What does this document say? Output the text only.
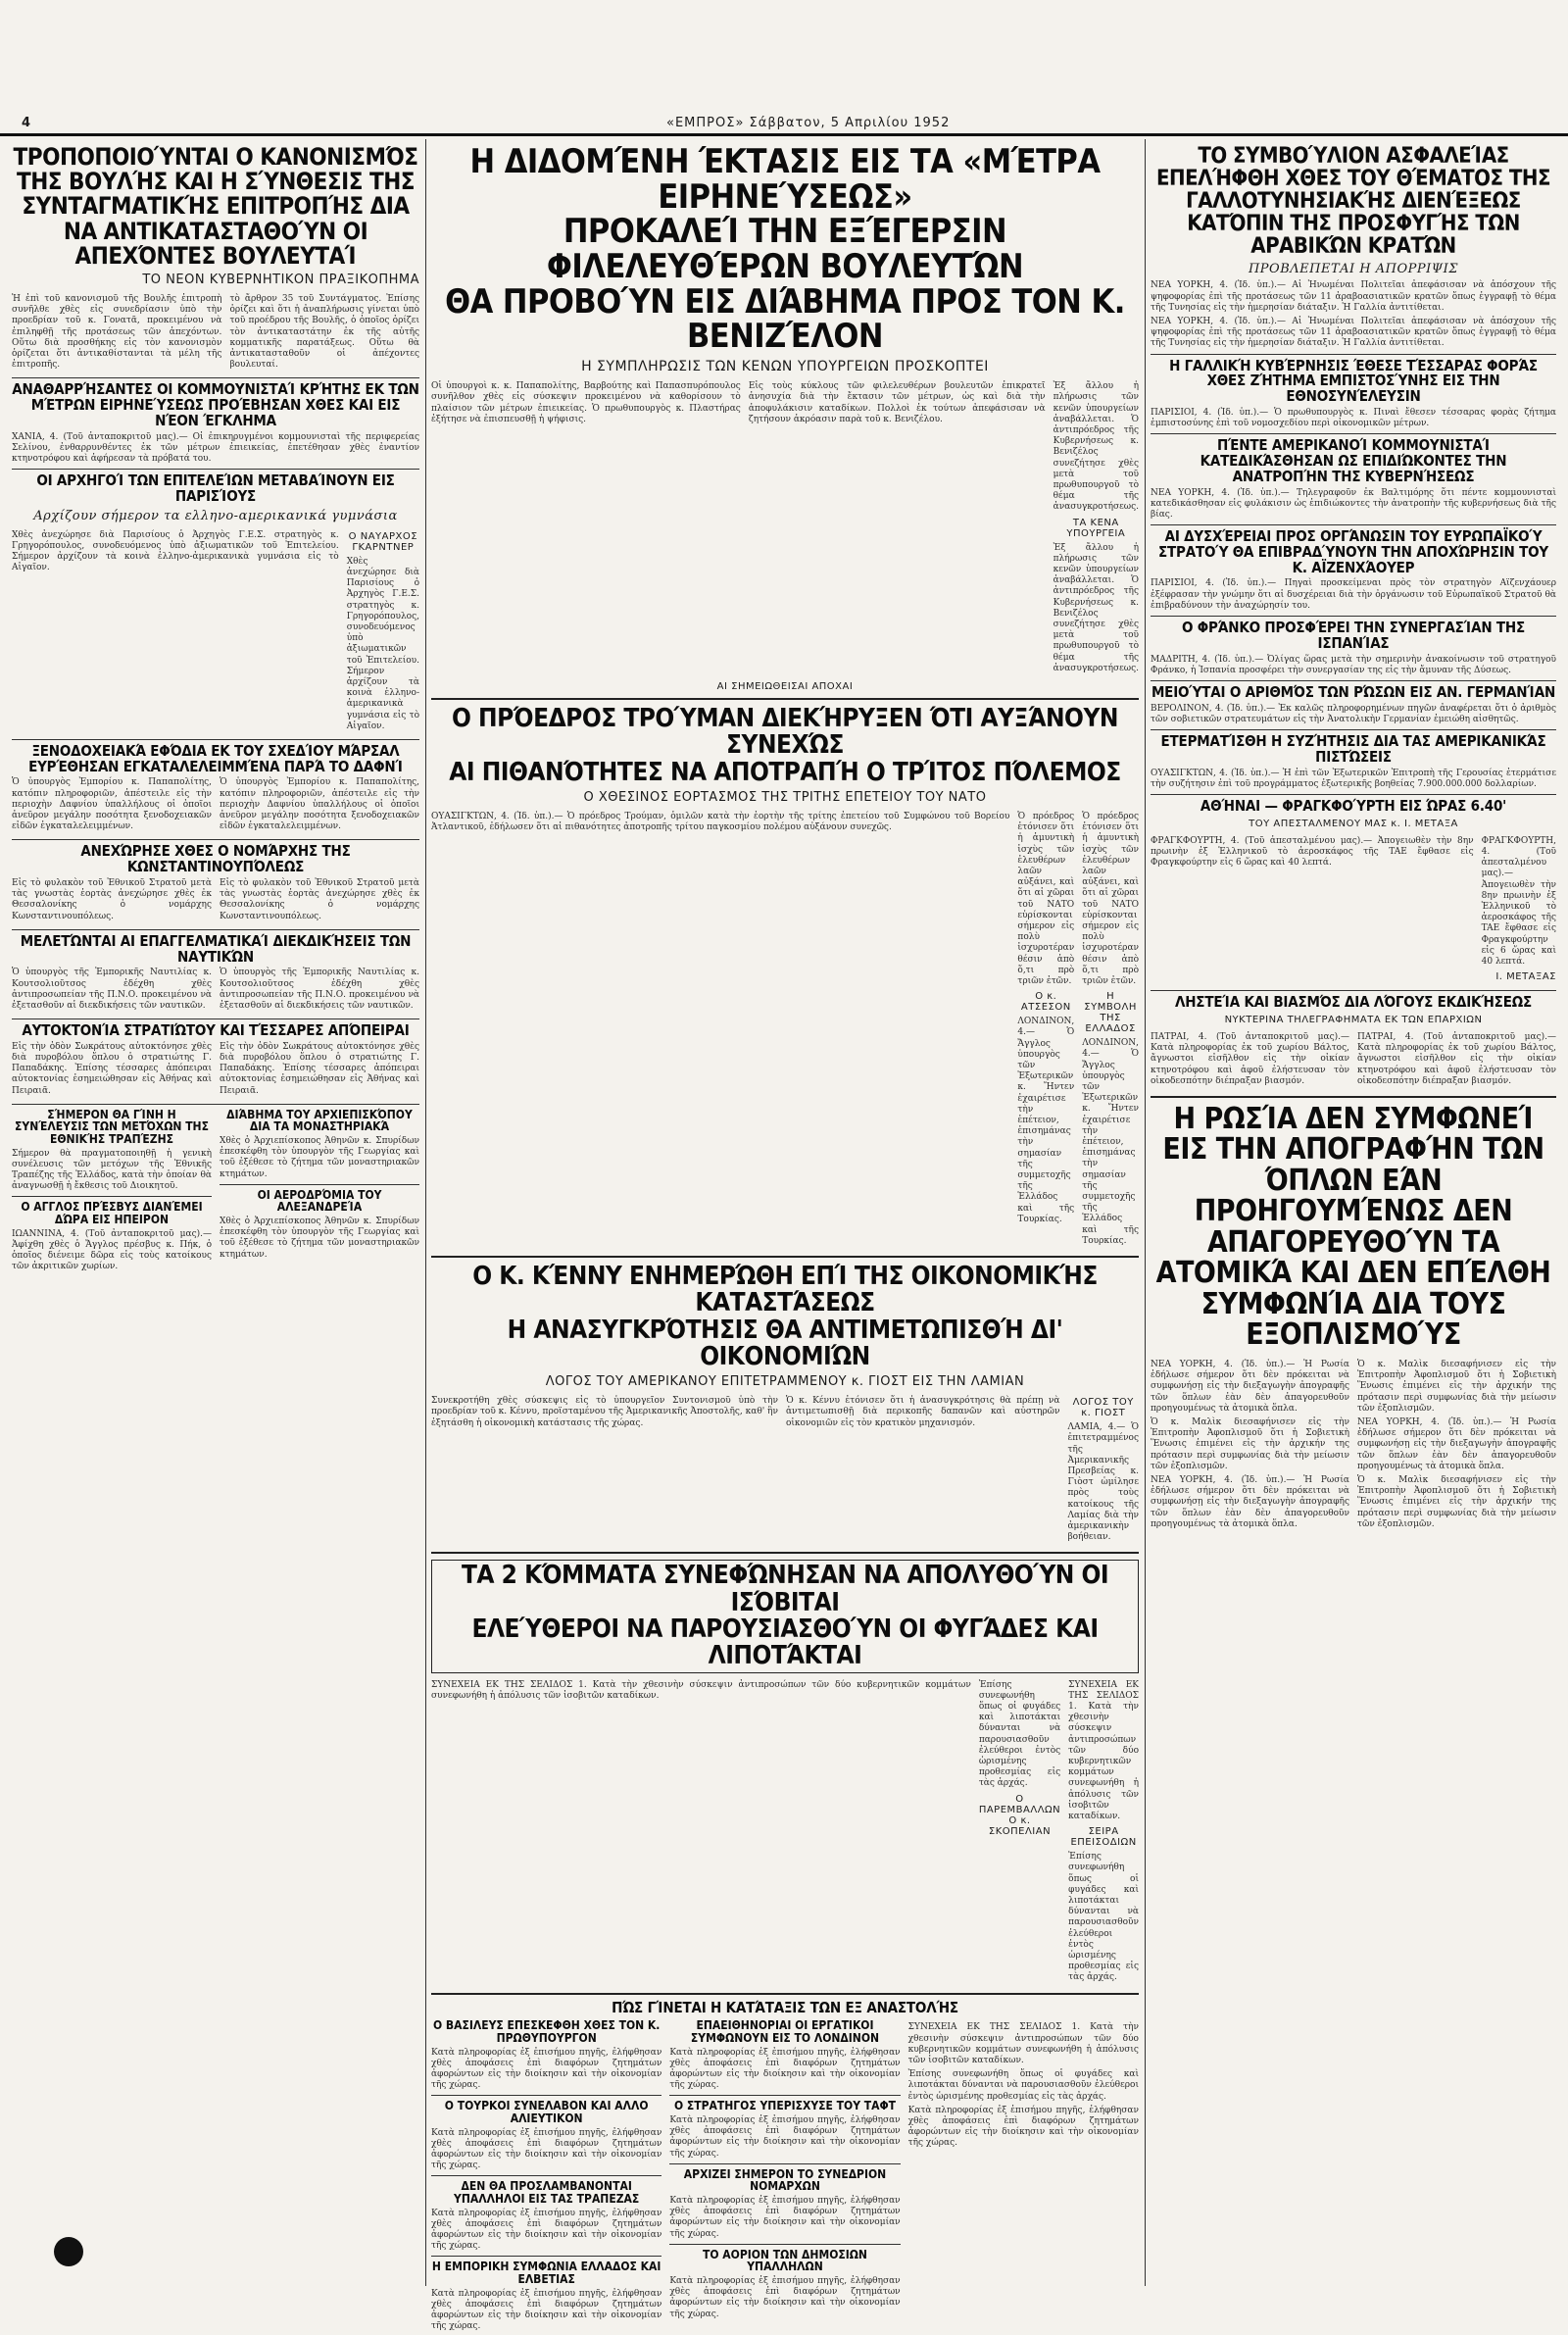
4	«ΕΜΠΡΟΣ» Σάββατον, 5 Απριλίου 1952
ΤΡΟΠΟΠΟΙΟΎΝΤΑΙ Ο ΚΑΝΟΝΙΣΜΌΣ ΤΗΣ ΒΟΥΛΉΣ ΚΑΙ Η ΣΎΝΘΕΣΙΣ ΤΗΣ ΣΥΝΤΑΓΜΑΤΙΚΉΣ ΕΠΙΤΡΟΠΉΣ ΔΙΑ ΝΑ ΑΝΤΙΚΑΤΑΣΤΑΘΟΎΝ ΟΙ ΑΠΕΧΌΝΤΕΣ ΒΟΥΛΕΥΤΑΊ
ΤΟ ΝΕΟΝ ΚΥΒΕΡΝΗΤΙΚΟΝ ΠΡΑΞΙΚΟΠΗΜΑ

Ἡ ἐπὶ τοῦ κανονισμοῦ τῆς Βουλῆς ἐπιτροπὴ συνῆλθε χθὲς εἰς συνεδρίασιν ὑπὸ τὴν προεδρίαν τοῦ κ. Γονατᾶ, προκειμένου νὰ ἐπιληφθῇ τῆς προτάσεως τῶν ἀπεχόντων. Οὕτω διὰ προσθήκης εἰς τὸν κανονισμὸν ὁρίζεται ὅτι ἀντικαθίστανται τὰ μέλη τῆς ἐπιτροπῆς.

τὸ ἄρθρον 35 τοῦ Συντάγματος. Ἐπίσης ὁρίζει καὶ ὅτι ἡ ἀναπλήρωσις γίνεται ὑπὸ τοῦ προέδρου τῆς Βουλῆς, ὁ ὁποῖος ὁρίζει τὸν ἀντικαταστάτην ἐκ τῆς αὐτῆς κομματικῆς παρατάξεως. Οὕτω θὰ ἀντικατασταθοῦν οἱ ἀπέχοντες βουλευταί.

ΑΝΑΘΑΡΡΉΣΑΝΤΕΣ ΟΙ ΚΟΜΜΟΥΝΙΣΤΑΊ ΚΡΉΤΗΣ ΕΚ ΤΩΝ ΜΈΤΡΩΝ ΕΙΡΗΝΕΎΣΕΩΣ ΠΡΟΈΒΗΣΑΝ ΧΘΕΣ ΚΑΙ ΕΙΣ ΝΈΟΝ ΈΓΚΛΗΜΑ

ΧΑΝΙΑ, 4. (Τοῦ ἀνταποκριτοῦ μας).— Οἱ ἐπικηρυγμένοι κομμουνισταὶ τῆς περιφερείας Σελίνου, ἐνθαρρυνθέντες ἐκ τῶν μέτρων ἐπιεικείας, ἐπετέθησαν χθὲς ἐναντίον κτηνοτρόφου καὶ ἀφήρεσαν τὰ πρόβατά του.

ΟΙ ΑΡΧΗΓΟΊ ΤΩΝ ΕΠΙΤΕΛΕΊΩΝ ΜΕΤΑΒΑΊΝΟΥΝ ΕΙΣ ΠΑΡΙΣΊΟΥΣ
Αρχίζουν σήμερον τα ελληνο-αμερικανικά γυμνάσια

Χθὲς ἀνεχώρησε διὰ Παρισίους ὁ Ἀρχηγὸς Γ.Ε.Σ. στρατηγὸς κ. Γρηγορόπουλος, συνοδευόμενος ὑπὸ ἀξιωματικῶν τοῦ Ἐπιτελείου. Σήμερον ἀρχίζουν τὰ κοινὰ ἑλληνο-ἀμερικανικὰ γυμνάσια εἰς τὸ Αἰγαῖον.

Ο ΝΑΥΑΡΧΟΣ ΓΚΑΡΝΤΝΕΡ

Χθὲς ἀνεχώρησε διὰ Παρισίους ὁ Ἀρχηγὸς Γ.Ε.Σ. στρατηγὸς κ. Γρηγορόπουλος, συνοδευόμενος ὑπὸ ἀξιωματικῶν τοῦ Ἐπιτελείου. Σήμερον ἀρχίζουν τὰ κοινὰ ἑλληνο-ἀμερικανικὰ γυμνάσια εἰς τὸ Αἰγαῖον.

ΞΕΝΟΔΟΧΕΙΑΚΆ ΕΦΌΔΙΑ ΕΚ ΤΟΥ ΣΧΕΔΊΟΥ ΜΆΡΣΑΛ ΕΥΡΈΘΗΣΑΝ ΕΓΚΑΤΑΛΕΛΕΙΜΜΈΝΑ ΠΑΡΆ ΤΟ ΔΑΦΝΊ

Ὁ ὑπουργὸς Ἐμπορίου κ. Παπαπολίτης, κατόπιν πληροφοριῶν, ἀπέστειλε εἰς τὴν περιοχὴν Δαφνίου ὑπαλλήλους οἱ ὁποῖοι ἀνεῦρον μεγάλην ποσότητα ξενοδοχειακῶν εἰδῶν ἐγκαταλελειμμένων.

Ὁ ὑπουργὸς Ἐμπορίου κ. Παπαπολίτης, κατόπιν πληροφοριῶν, ἀπέστειλε εἰς τὴν περιοχὴν Δαφνίου ὑπαλλήλους οἱ ὁποῖοι ἀνεῦρον μεγάλην ποσότητα ξενοδοχειακῶν εἰδῶν ἐγκαταλελειμμένων.

ΑΝΕΧΏΡΗΣΕ ΧΘΕΣ Ο ΝΟΜΆΡΧΗΣ ΤΗΣ ΚΩΝΣΤΑΝΤΙΝΟΥΠΌΛΕΩΣ

Εἰς τὸ φυλακὸν τοῦ Ἐθνικοῦ Στρατοῦ μετὰ τὰς γνωστὰς ἑορτὰς ἀνεχώρησε χθὲς ἐκ Θεσσαλονίκης ὁ νομάρχης Κωνσταντινουπόλεως.

Εἰς τὸ φυλακὸν τοῦ Ἐθνικοῦ Στρατοῦ μετὰ τὰς γνωστὰς ἑορτὰς ἀνεχώρησε χθὲς ἐκ Θεσσαλονίκης ὁ νομάρχης Κωνσταντινουπόλεως.

ΜΕΛΕΤΏΝΤΑΙ ΑΙ ΕΠΑΓΓΕΛΜΑΤΙΚΑΊ ΔΙΕΚΔΙΚΉΣΕΙΣ ΤΩΝ ΝΑΥΤΙΚΏΝ

Ὁ ὑπουργὸς τῆς Ἐμπορικῆς Ναυτιλίας κ. Κουτσολιοῦτσος ἐδέχθη χθὲς ἀντιπροσωπείαν τῆς Π.Ν.Ο. προκειμένου νὰ ἐξετασθοῦν αἱ διεκδικήσεις τῶν ναυτικῶν.

Ὁ ὑπουργὸς τῆς Ἐμπορικῆς Ναυτιλίας κ. Κουτσολιοῦτσος ἐδέχθη χθὲς ἀντιπροσωπείαν τῆς Π.Ν.Ο. προκειμένου νὰ ἐξετασθοῦν αἱ διεκδικήσεις τῶν ναυτικῶν.

ΑΥΤΟΚΤΟΝΊΑ ΣΤΡΑΤΙΏΤΟΥ ΚΑΙ ΤΈΣΣΑΡΕΣ ΑΠΌΠΕΙΡΑΙ

Εἰς τὴν ὁδὸν Σωκράτους αὐτοκτόνησε χθὲς διὰ πυροβόλου ὅπλου ὁ στρατιώτης Γ. Παπαδάκης. Ἐπίσης τέσσαρες ἀπόπειραι αὐτοκτονίας ἐσημειώθησαν εἰς Ἀθήνας καὶ Πειραιᾶ.

Εἰς τὴν ὁδὸν Σωκράτους αὐτοκτόνησε χθὲς διὰ πυροβόλου ὅπλου ὁ στρατιώτης Γ. Παπαδάκης. Ἐπίσης τέσσαρες ἀπόπειραι αὐτοκτονίας ἐσημειώθησαν εἰς Ἀθήνας καὶ Πειραιᾶ.

ΣΉΜΕΡΟΝ ΘΑ ΓΊΝΗ Η ΣΥΝΈΛΕΥΣΙΣ ΤΩΝ ΜΕΤΌΧΩΝ ΤΗΣ ΕΘΝΙΚΉΣ ΤΡΑΠΈΖΗΣ

Σήμερον θὰ πραγματοποιηθῇ ἡ γενικὴ συνέλευσις τῶν μετόχων τῆς Ἐθνικῆς Τραπέζης τῆς Ἑλλάδος, κατὰ τὴν ὁποίαν θὰ ἀναγνωσθῇ ἡ ἔκθεσις τοῦ Διοικητοῦ.

Ο ΑΓΓΛΟΣ ΠΡΈΣΒΥΣ ΔΙΑΝΈΜΕΙ ΔΏΡΑ ΕΙΣ ΗΠΕΙΡΟΝ

ΙΩΑΝΝΙΝΑ, 4. (Τοῦ ἀνταποκριτοῦ μας).— Ἀφίχθη χθὲς ὁ Ἄγγλος πρέσβυς κ. Πήκ, ὁ ὁποῖος διένειμε δῶρα εἰς τοὺς κατοίκους τῶν ἀκριτικῶν χωρίων.

ΔΙΆΒΗΜΑ ΤΟΥ ΑΡΧΙΕΠΙΣΚΌΠΟΥ ΔΙΑ ΤΑ ΜΟΝΑΣΤΗΡΙΑΚΆ

Χθὲς ὁ Ἀρχιεπίσκοπος Ἀθηνῶν κ. Σπυρίδων ἐπεσκέφθη τὸν ὑπουργὸν τῆς Γεωργίας καὶ τοῦ ἐξέθεσε τὸ ζήτημα τῶν μοναστηριακῶν κτημάτων.

ΟΙ ΑΕΡΟΔΡΌΜΙΑ ΤΟΥ ΑΛΕΞΑΝΔΡΕΊΑ

Χθὲς ὁ Ἀρχιεπίσκοπος Ἀθηνῶν κ. Σπυρίδων ἐπεσκέφθη τὸν ὑπουργὸν τῆς Γεωργίας καὶ τοῦ ἐξέθεσε τὸ ζήτημα τῶν μοναστηριακῶν κτημάτων.

Η ΔΙΔΟΜΈΝΗ ΈΚΤΑΣΙΣ ΕΙΣ ΤΑ «ΜΈΤΡΑ ΕΙΡΗΝΕΎΣΕΩΣ»
ΠΡΟΚΑΛΕΊ ΤΗΝ ΕΞΈΓΕΡΣΙΝ ΦΙΛΕΛΕΥΘΈΡΩΝ ΒΟΥΛΕΥΤΏΝ
ΘΑ ΠΡΟΒΟΎΝ ΕΙΣ ΔΙΆΒΗΜΑ ΠΡΟΣ ΤΟΝ Κ. ΒΕΝΙΖΈΛΟΝ
Η ΣΥΜΠΛΗΡΩΣΙΣ ΤΩΝ ΚΕΝΩΝ ΥΠΟΥΡΓΕΙΩΝ ΠΡΟΣΚΟΠΤΕΙ

Οἱ ὑπουργοὶ κ. κ. Παπαπολίτης, Βαρβούτης καὶ Παπασπυρόπουλος συνῆλθον χθὲς εἰς σύσκεψιν προκειμένου νὰ καθορίσουν τὸ πλαίσιον τῶν μέτρων ἐπιεικείας. Ὁ πρωθυπουργὸς κ. Πλαστήρας ἐξήτησε νὰ ἐπισπευσθῇ ἡ ψήφισις.

Εἰς τοὺς κύκλους τῶν φιλελευθέρων βουλευτῶν ἐπικρατεῖ ἀνησυχία διὰ τὴν ἔκτασιν τῶν μέτρων, ὡς καὶ διὰ τὴν ἀποφυλάκισιν καταδίκων. Πολλοὶ ἐκ τούτων ἀπεφάσισαν νὰ ζητήσουν ἀκρόασιν παρὰ τοῦ κ. Βενιζέλου.

Ἐξ ἄλλου ἡ πλήρωσις τῶν κενῶν ὑπουργείων ἀναβάλλεται. Ὁ ἀντιπρόεδρος τῆς Κυβερνήσεως κ. Βενιζέλος συνεζήτησε χθὲς μετὰ τοῦ πρωθυπουργοῦ τὸ θέμα τῆς ἀνασυγκροτήσεως.

ΤΑ ΚΕΝΑ ΥΠΟΥΡΓΕΙΑ

Ἐξ ἄλλου ἡ πλήρωσις τῶν κενῶν ὑπουργείων ἀναβάλλεται. Ὁ ἀντιπρόεδρος τῆς Κυβερνήσεως κ. Βενιζέλος συνεζήτησε χθὲς μετὰ τοῦ πρωθυπουργοῦ τὸ θέμα τῆς ἀνασυγκροτήσεως.

ΑΙ ΣΗΜΕΙΩΘΕΙΣΑΙ ΑΠΟΧΑΙ
Ο ΠΡΌΕΔΡΟΣ ΤΡΟΎΜΑΝ ΔΙΕΚΉΡΥΞΕΝ ΌΤΙ ΑΥΞΆΝΟΥΝ ΣΥΝΕΧΏΣ
ΑΙ ΠΙΘΑΝΌΤΗΤΕΣ ΝΑ ΑΠΟΤΡΑΠΉ Ο ΤΡΊΤΟΣ ΠΌΛΕΜΟΣ
Ο ΧΘΕΣΙΝΟΣ ΕΟΡΤΑΣΜΟΣ ΤΗΣ ΤΡΙΤΗΣ ΕΠΕΤΕΙΟΥ ΤΟΥ ΝΑΤΟ

ΟΥΑΣΙΓΚΤΩΝ, 4. (Ἰδ. ὑπ.).— Ὁ πρόεδρος Τρούμαν, ὁμιλῶν κατὰ τὴν ἑορτὴν τῆς τρίτης ἐπετείου τοῦ Συμφώνου τοῦ Βορείου Ἀτλαντικοῦ, ἐδήλωσεν ὅτι αἱ πιθανότητες ἀποτροπῆς τρίτου παγκοσμίου πολέμου αὐξάνουν συνεχῶς.

Ὁ πρόεδρος ἐτόνισεν ὅτι ἡ ἀμυντικὴ ἰσχὺς τῶν ἐλευθέρων λαῶν αὐξάνει, καὶ ὅτι αἱ χῶραι τοῦ ΝΑΤΟ εὑρίσκονται σήμερον εἰς πολὺ ἰσχυροτέραν θέσιν ἀπὸ ὅ,τι πρὸ τριῶν ἐτῶν.

Ο κ. ΑΤΣΕΣΟΝ

ΛΟΝΔΙΝΟΝ, 4.— Ὁ Ἄγγλος ὑπουργὸς τῶν Ἐξωτερικῶν κ. Ἤντεν ἐχαιρέτισε τὴν ἐπέτειον, ἐπισημάνας τὴν σημασίαν τῆς συμμετοχῆς τῆς Ἑλλάδος καὶ τῆς Τουρκίας.

Ὁ πρόεδρος ἐτόνισεν ὅτι ἡ ἀμυντικὴ ἰσχὺς τῶν ἐλευθέρων λαῶν αὐξάνει, καὶ ὅτι αἱ χῶραι τοῦ ΝΑΤΟ εὑρίσκονται σήμερον εἰς πολὺ ἰσχυροτέραν θέσιν ἀπὸ ὅ,τι πρὸ τριῶν ἐτῶν.

Η ΣΥΜΒΟΛΗ ΤΗΣ ΕΛΛΑΔΟΣ

ΛΟΝΔΙΝΟΝ, 4.— Ὁ Ἄγγλος ὑπουργὸς τῶν Ἐξωτερικῶν κ. Ἤντεν ἐχαιρέτισε τὴν ἐπέτειον, ἐπισημάνας τὴν σημασίαν τῆς συμμετοχῆς τῆς Ἑλλάδος καὶ τῆς Τουρκίας.

Ο Κ. ΚΈΝΝΥ ΕΝΗΜΕΡΏΘΗ ΕΠΊ ΤΗΣ ΟΙΚΟΝΟΜΙΚΉΣ ΚΑΤΑΣΤΆΣΕΩΣ
Η ΑΝΑΣΥΓΚΡΌΤΗΣΙΣ ΘΑ ΑΝΤΙΜΕΤΩΠΙΣΘΉ ΔΙ' ΟΙΚΟΝΟΜΙΏΝ
ΛΟΓΟΣ ΤΟΥ ΑΜΕΡΙΚΑΝΟΥ ΕΠΙΤΕΤΡΑΜΜΕΝΟΥ κ. ΓΙΟΣΤ ΕΙΣ ΤΗΝ ΛΑΜΙΑΝ

Συνεκροτήθη χθὲς σύσκεψις εἰς τὸ ὑπουργεῖον Συντονισμοῦ ὑπὸ τὴν προεδρίαν τοῦ κ. Κέννυ, προϊσταμένου τῆς Ἀμερικανικῆς Ἀποστολῆς, καθ' ἣν ἐξητάσθη ἡ οἰκονομικὴ κατάστασις τῆς χώρας.

Ὁ κ. Κέννυ ἐτόνισεν ὅτι ἡ ἀνασυγκρότησις θὰ πρέπῃ νὰ ἀντιμετωπισθῇ διὰ περικοπῆς δαπανῶν καὶ αὐστηρῶν οἰκονομιῶν εἰς τὸν κρατικὸν μηχανισμόν.

ΛΟΓΟΣ ΤΟΥ κ. ΓΙΟΣΤ

ΛΑΜΙΑ, 4.— Ὁ ἐπιτετραμμένος τῆς Ἀμερικανικῆς Πρεσβείας κ. Γιὸστ ὡμίλησε πρὸς τοὺς κατοίκους τῆς Λαμίας διὰ τὴν ἀμερικανικὴν βοήθειαν.

ΤΑ 2 ΚΌΜΜΑΤΑ ΣΥΝΕΦΏΝΗΣΑΝ ΝΑ ΑΠΟΛΥΘΟΎΝ ΟΙ ΙΣΌΒΙΤΑΙ
ΕΛΕΎΘΕΡΟΙ ΝΑ ΠΑΡΟΥΣΙΑΣΘΟΎΝ ΟΙ ΦΥΓΆΔΕΣ ΚΑΙ ΛΙΠΟΤΆΚΤΑΙ

ΣΥΝΕΧΕΙΑ ΕΚ ΤΗΣ ΣΕΛΙΔΟΣ 1. Κατὰ τὴν χθεσινὴν σύσκεψιν ἀντιπροσώπων τῶν δύο κυβερνητικῶν κομμάτων συνεφωνήθη ἡ ἀπόλυσις τῶν ἰσοβιτῶν καταδίκων.

Ἐπίσης συνεφωνήθη ὅπως οἱ φυγάδες καὶ λιποτάκται δύνανται νὰ παρουσιασθοῦν ἐλεύθεροι ἐντὸς ὡρισμένης προθεσμίας εἰς τὰς ἀρχάς.

Ο ΠΑΡΕΜΒΑΛΛΩΝ Ο κ. ΣΚΟΠΕΛΙΑΝ

ΣΥΝΕΧΕΙΑ ΕΚ ΤΗΣ ΣΕΛΙΔΟΣ 1. Κατὰ τὴν χθεσινὴν σύσκεψιν ἀντιπροσώπων τῶν δύο κυβερνητικῶν κομμάτων συνεφωνήθη ἡ ἀπόλυσις τῶν ἰσοβιτῶν καταδίκων.

ΣΕΙΡΑ ΕΠΕΙΣΟΔΙΩΝ

Ἐπίσης συνεφωνήθη ὅπως οἱ φυγάδες καὶ λιποτάκται δύνανται νὰ παρουσιασθοῦν ἐλεύθεροι ἐντὸς ὡρισμένης προθεσμίας εἰς τὰς ἀρχάς.

ΠΏΣ ΓΊΝΕΤΑΙ Η ΚΑΤΆΤΑΞΙΣ ΤΩΝ ΕΞ ΑΝΑΣΤΟΛΉΣ
Ο ΒΑΣΙΛΕΥΣ ΕΠΕΣΚΕΦΘΗ ΧΘΕΣ ΤΟΝ Κ. ΠΡΩΘΥΠΟΥΡΓΟΝ

Κατὰ πληροφορίας ἐξ ἐπισήμου πηγῆς, ἐλήφθησαν χθὲς ἀποφάσεις ἐπὶ διαφόρων ζητημάτων ἀφορώντων εἰς τὴν διοίκησιν καὶ τὴν οἰκονομίαν τῆς χώρας.

Ο ΤΟΥΡΚΟΙ ΣΥΝΕΛΑΒΟΝ ΚΑΙ ΑΛΛΟ ΑΛΙΕΥΤΙΚΟΝ

Κατὰ πληροφορίας ἐξ ἐπισήμου πηγῆς, ἐλήφθησαν χθὲς ἀποφάσεις ἐπὶ διαφόρων ζητημάτων ἀφορώντων εἰς τὴν διοίκησιν καὶ τὴν οἰκονομίαν τῆς χώρας.

ΔΕΝ ΘΑ ΠΡΟΣΛΑΜΒΑΝΟΝΤΑΙ ΥΠΑΛΛΗΛΟΙ ΕΙΣ ΤΑΣ ΤΡΑΠΕΖΑΣ

Κατὰ πληροφορίας ἐξ ἐπισήμου πηγῆς, ἐλήφθησαν χθὲς ἀποφάσεις ἐπὶ διαφόρων ζητημάτων ἀφορώντων εἰς τὴν διοίκησιν καὶ τὴν οἰκονομίαν τῆς χώρας.

Η ΕΜΠΟΡΙΚΗ ΣΥΜΦΩΝΙΑ ΕΛΛΑΔΟΣ ΚΑΙ ΕΛΒΕΤΙΑΣ

Κατὰ πληροφορίας ἐξ ἐπισήμου πηγῆς, ἐλήφθησαν χθὲς ἀποφάσεις ἐπὶ διαφόρων ζητημάτων ἀφορώντων εἰς τὴν διοίκησιν καὶ τὴν οἰκονομίαν τῆς χώρας.

ΕΠΑΕΙΘΗΝΟΡΙΑΙ ΟΙ ΕΡΓΑΤΙΚΟΙ ΣΥΜΦΩΝΟΥΝ ΕΙΣ ΤΟ ΛΟΝΔΙΝΟΝ

Κατὰ πληροφορίας ἐξ ἐπισήμου πηγῆς, ἐλήφθησαν χθὲς ἀποφάσεις ἐπὶ διαφόρων ζητημάτων ἀφορώντων εἰς τὴν διοίκησιν καὶ τὴν οἰκονομίαν τῆς χώρας.

Ο ΣΤΡΑΤΗΓΟΣ ΥΠΕΡΙΣΧΥΣΕ ΤΟΥ ΤΑΦΤ

Κατὰ πληροφορίας ἐξ ἐπισήμου πηγῆς, ἐλήφθησαν χθὲς ἀποφάσεις ἐπὶ διαφόρων ζητημάτων ἀφορώντων εἰς τὴν διοίκησιν καὶ τὴν οἰκονομίαν τῆς χώρας.

ΑΡΧΙΖΕΙ ΣΗΜΕΡΟΝ ΤΟ ΣΥΝΕΔΡΙΟΝ ΝΟΜΑΡΧΩΝ

Κατὰ πληροφορίας ἐξ ἐπισήμου πηγῆς, ἐλήφθησαν χθὲς ἀποφάσεις ἐπὶ διαφόρων ζητημάτων ἀφορώντων εἰς τὴν διοίκησιν καὶ τὴν οἰκονομίαν τῆς χώρας.

ΤΟ ΑΟΡΙΟΝ ΤΩΝ ΔΗΜΟΣΙΩΝ ΥΠΑΛΛΗΛΩΝ

Κατὰ πληροφορίας ἐξ ἐπισήμου πηγῆς, ἐλήφθησαν χθὲς ἀποφάσεις ἐπὶ διαφόρων ζητημάτων ἀφορώντων εἰς τὴν διοίκησιν καὶ τὴν οἰκονομίαν τῆς χώρας.

ΣΥΝΕΧΕΙΑ ΕΚ ΤΗΣ ΣΕΛΙΔΟΣ 1. Κατὰ τὴν χθεσινὴν σύσκεψιν ἀντιπροσώπων τῶν δύο κυβερνητικῶν κομμάτων συνεφωνήθη ἡ ἀπόλυσις τῶν ἰσοβιτῶν καταδίκων.

Ἐπίσης συνεφωνήθη ὅπως οἱ φυγάδες καὶ λιποτάκται δύνανται νὰ παρουσιασθοῦν ἐλεύθεροι ἐντὸς ὡρισμένης προθεσμίας εἰς τὰς ἀρχάς.

Κατὰ πληροφορίας ἐξ ἐπισήμου πηγῆς, ἐλήφθησαν χθὲς ἀποφάσεις ἐπὶ διαφόρων ζητημάτων ἀφορώντων εἰς τὴν διοίκησιν καὶ τὴν οἰκονομίαν τῆς χώρας.

ΤΟ ΣΥΜΒΟΎΛΙΟΝ ΑΣΦΑΛΕΊΑΣ ΕΠΕΛΉΦΘΗ ΧΘΕΣ ΤΟΥ ΘΈΜΑΤΟΣ ΤΗΣ ΓΑΛΛΟΤΥΝΗΣΙΑΚΉΣ ΔΙΕΝΈΞΕΩΣ ΚΑΤΌΠΙΝ ΤΗΣ ΠΡΟΣΦΥΓΉΣ ΤΩΝ ΑΡΑΒΙΚΏΝ ΚΡΑΤΏΝ
ΠΡΟΒΛΕΠΕΤΑΙ Η ΑΠΟΡΡΙΨΙΣ

ΝΕΑ ΥΟΡΚΗ, 4. (Ἰδ. ὑπ.).— Αἱ Ἡνωμέναι Πολιτεῖαι ἀπεφάσισαν νὰ ἀπόσχουν τῆς ψηφοφορίας ἐπὶ τῆς προτάσεως τῶν 11 ἀραβοασιατικῶν κρατῶν ὅπως ἐγγραφῇ τὸ θέμα τῆς Τυνησίας εἰς τὴν ἡμερησίαν διάταξιν. Ἡ Γαλλία ἀντιτίθεται.

ΝΕΑ ΥΟΡΚΗ, 4. (Ἰδ. ὑπ.).— Αἱ Ἡνωμέναι Πολιτεῖαι ἀπεφάσισαν νὰ ἀπόσχουν τῆς ψηφοφορίας ἐπὶ τῆς προτάσεως τῶν 11 ἀραβοασιατικῶν κρατῶν ὅπως ἐγγραφῇ τὸ θέμα τῆς Τυνησίας εἰς τὴν ἡμερησίαν διάταξιν. Ἡ Γαλλία ἀντιτίθεται.

Η ΓΑΛΛΙΚΉ ΚΥΒΈΡΝΗΣΙΣ ΈΘΕΣΕ ΤΈΣΣΑΡΑΣ ΦΟΡΆΣ ΧΘΕΣ ΖΉΤΗΜΑ ΕΜΠΙΣΤΟΣΎΝΗΣ ΕΙΣ ΤΗΝ ΕΘΝΟΣΥΝΈΛΕΥΣΙΝ

ΠΑΡΙΣΙΟΙ, 4. (Ἰδ. ὑπ.).— Ὁ πρωθυπουργὸς κ. Πιναὶ ἔθεσεν τέσσαρας φορὰς ζήτημα ἐμπιστοσύνης ἐπὶ τοῦ νομοσχεδίου περὶ οἰκονομικῶν μέτρων.

ΠΈΝΤΕ ΑΜΕΡΙΚΑΝΟΊ ΚΟΜΜΟΥΝΙΣΤΑΊ ΚΑΤΕΔΙΚΆΣΘΗΣΑΝ ΩΣ ΕΠΙΔΙΏΚΟΝΤΕΣ ΤΗΝ ΑΝΑΤΡΟΠΉΝ ΤΗΣ ΚΥΒΕΡΝΉΣΕΩΣ

ΝΕΑ ΥΟΡΚΗ, 4. (Ἰδ. ὑπ.).— Τηλεγραφοῦν ἐκ Βαλτιμόρης ὅτι πέντε κομμουνισταὶ κατεδικάσθησαν εἰς φυλάκισιν ὡς ἐπιδιώκοντες τὴν ἀνατροπὴν τῆς κυβερνήσεως διὰ τῆς βίας.

ΑΙ ΔΥΣΧΈΡΕΙΑΙ ΠΡΟΣ ΟΡΓΆΝΩΣΙΝ ΤΟΥ ΕΥΡΩΠΑΪΚΟΎ ΣΤΡΑΤΟΎ ΘΑ ΕΠΙΒΡΑΔΎΝΟΥΝ ΤΗΝ ΑΠΟΧΏΡΗΣΙΝ ΤΟΥ Κ. ΑΪΖΕΝΧΆΟΥΕΡ

ΠΑΡΙΣΙΟΙ, 4. (Ἰδ. ὑπ.).— Πηγαὶ προσκείμεναι πρὸς τὸν στρατηγὸν Αϊζενχάουερ ἐξέφρασαν τὴν γνώμην ὅτι αἱ δυσχέρειαι διὰ τὴν ὀργάνωσιν τοῦ Εὐρωπαϊκοῦ Στρατοῦ θὰ ἐπιβραδύνουν τὴν ἀναχώρησίν του.

Ο ΦΡΆΝΚΟ ΠΡΟΣΦΈΡΕΙ ΤΗΝ ΣΥΝΕΡΓΑΣΊΑΝ ΤΗΣ ΙΣΠΑΝΊΑΣ

ΜΑΔΡΙΤΗ, 4. (Ἰδ. ὑπ.).— Ὀλίγας ὥρας μετὰ τὴν σημερινὴν ἀνακοίνωσιν τοῦ στρατηγοῦ Φράνκο, ἡ Ἰσπανία προσφέρει τὴν συνεργασίαν της εἰς τὴν ἄμυναν τῆς Δύσεως.

ΜΕΙΟΎΤΑΙ Ο ΑΡΙΘΜΌΣ ΤΩΝ ΡΏΣΩΝ ΕΙΣ ΑΝ. ΓΕΡΜΑΝΊΑΝ

ΒΕΡΟΛΙΝΟΝ, 4. (Ἰδ. ὑπ.).— Ἐκ καλῶς πληροφορημένων πηγῶν ἀναφέρεται ὅτι ὁ ἀριθμὸς τῶν σοβιετικῶν στρατευμάτων εἰς τὴν Ἀνατολικὴν Γερμανίαν ἐμειώθη αἰσθητῶς.

ΕΤΕΡΜΑΤΊΣΘΗ Η ΣΥΖΉΤΗΣΙΣ ΔΙΑ ΤΑΣ ΑΜΕΡΙΚΑΝΙΚΆΣ ΠΙΣΤΏΣΕΙΣ

ΟΥΑΣΙΓΚΤΩΝ, 4. (Ἰδ. ὑπ.).— Ἡ ἐπὶ τῶν Ἐξωτερικῶν Ἐπιτροπὴ τῆς Γερουσίας ἐτερμάτισε τὴν συζήτησιν ἐπὶ τοῦ προγράμματος ἐξωτερικῆς βοηθείας 7.900.000.000 δολλαρίων.

ΑΘΉΝΑΙ — ΦΡΑΓΚΦΟΎΡΤΗ ΕΙΣ ΏΡΑΣ 6.40'
ΤΟΥ ΑΠΕΣΤΑΛΜΕΝΟΥ ΜΑΣ κ. Ι. ΜΕΤΑΞΑ

ΦΡΑΓΚΦΟΥΡΤΗ, 4. (Τοῦ ἀπεσταλμένου μας).— Ἀπογειωθὲν τὴν 8ην πρωινὴν ἐξ Ἑλληνικοῦ τὸ ἀεροσκάφος τῆς TAE ἔφθασε εἰς Φραγκφούρτην εἰς 6 ὥρας καὶ 40 λεπτά.

ΦΡΑΓΚΦΟΥΡΤΗ, 4. (Τοῦ ἀπεσταλμένου μας).— Ἀπογειωθὲν τὴν 8ην πρωινὴν ἐξ Ἑλληνικοῦ τὸ ἀεροσκάφος τῆς TAE ἔφθασε εἰς Φραγκφούρτην εἰς 6 ὥρας καὶ 40 λεπτά.

Ι. ΜΕΤΑΞΑΣ
ΛΗΣΤΕΊΑ ΚΑΙ ΒΙΑΣΜΌΣ ΔΙΑ ΛΌΓΟΥΣ ΕΚΔΙΚΉΣΕΩΣ
ΝΥΚΤΕΡΙΝΑ ΤΗΛΕΓΡΑΦΗΜΑΤΑ ΕΚ ΤΩΝ ΕΠΑΡΧΙΩΝ

ΠΑΤΡΑΙ, 4. (Τοῦ ἀνταποκριτοῦ μας).— Κατὰ πληροφορίας ἐκ τοῦ χωρίου Βάλτος, ἄγνωστοι εἰσῆλθον εἰς τὴν οἰκίαν κτηνοτρόφου καὶ ἀφοῦ ἐλήστευσαν τὸν οἰκοδεσπότην διέπραξαν βιασμόν.

ΠΑΤΡΑΙ, 4. (Τοῦ ἀνταποκριτοῦ μας).— Κατὰ πληροφορίας ἐκ τοῦ χωρίου Βάλτος, ἄγνωστοι εἰσῆλθον εἰς τὴν οἰκίαν κτηνοτρόφου καὶ ἀφοῦ ἐλήστευσαν τὸν οἰκοδεσπότην διέπραξαν βιασμόν.

Η ΡΩΣΊΑ ΔΕΝ ΣΥΜΦΩΝΕΊ ΕΙΣ ΤΗΝ ΑΠΟΓΡΑΦΉΝ ΤΩΝ ΌΠΛΩΝ ΕΆΝ ΠΡΟΗΓΟΥΜΈΝΩΣ ΔΕΝ ΑΠΑΓΟΡΕΥΘΟΎΝ ΤΑ ΑΤΟΜΙΚΆ ΚΑΙ ΔΕΝ ΕΠΈΛΘΗ ΣΥΜΦΩΝΊΑ ΔΙΑ ΤΟΥΣ ΕΞΟΠΛΙΣΜΟΎΣ

ΝΕΑ ΥΟΡΚΗ, 4. (Ἰδ. ὑπ.).— Ἡ Ρωσία ἐδήλωσε σήμερον ὅτι δὲν πρόκειται νὰ συμφωνήσῃ εἰς τὴν διεξαγωγὴν ἀπογραφῆς τῶν ὅπλων ἐὰν δὲν ἀπαγορευθοῦν προηγουμένως τὰ ἀτομικὰ ὅπλα.

Ὁ κ. Μαλὶκ διεσαφήνισεν εἰς τὴν Ἐπιτροπὴν Ἀφοπλισμοῦ ὅτι ἡ Σοβιετικὴ Ἕνωσις ἐπιμένει εἰς τὴν ἀρχικήν της πρότασιν περὶ συμφωνίας διὰ τὴν μείωσιν τῶν ἐξοπλισμῶν.

ΝΕΑ ΥΟΡΚΗ, 4. (Ἰδ. ὑπ.).— Ἡ Ρωσία ἐδήλωσε σήμερον ὅτι δὲν πρόκειται νὰ συμφωνήσῃ εἰς τὴν διεξαγωγὴν ἀπογραφῆς τῶν ὅπλων ἐὰν δὲν ἀπαγορευθοῦν προηγουμένως τὰ ἀτομικὰ ὅπλα.

Ὁ κ. Μαλὶκ διεσαφήνισεν εἰς τὴν Ἐπιτροπὴν Ἀφοπλισμοῦ ὅτι ἡ Σοβιετικὴ Ἕνωσις ἐπιμένει εἰς τὴν ἀρχικήν της πρότασιν περὶ συμφωνίας διὰ τὴν μείωσιν τῶν ἐξοπλισμῶν.

ΝΕΑ ΥΟΡΚΗ, 4. (Ἰδ. ὑπ.).— Ἡ Ρωσία ἐδήλωσε σήμερον ὅτι δὲν πρόκειται νὰ συμφωνήσῃ εἰς τὴν διεξαγωγὴν ἀπογραφῆς τῶν ὅπλων ἐὰν δὲν ἀπαγορευθοῦν προηγουμένως τὰ ἀτομικὰ ὅπλα.

Ὁ κ. Μαλὶκ διεσαφήνισεν εἰς τὴν Ἐπιτροπὴν Ἀφοπλισμοῦ ὅτι ἡ Σοβιετικὴ Ἕνωσις ἐπιμένει εἰς τὴν ἀρχικήν της πρότασιν περὶ συμφωνίας διὰ τὴν μείωσιν τῶν ἐξοπλισμῶν.
